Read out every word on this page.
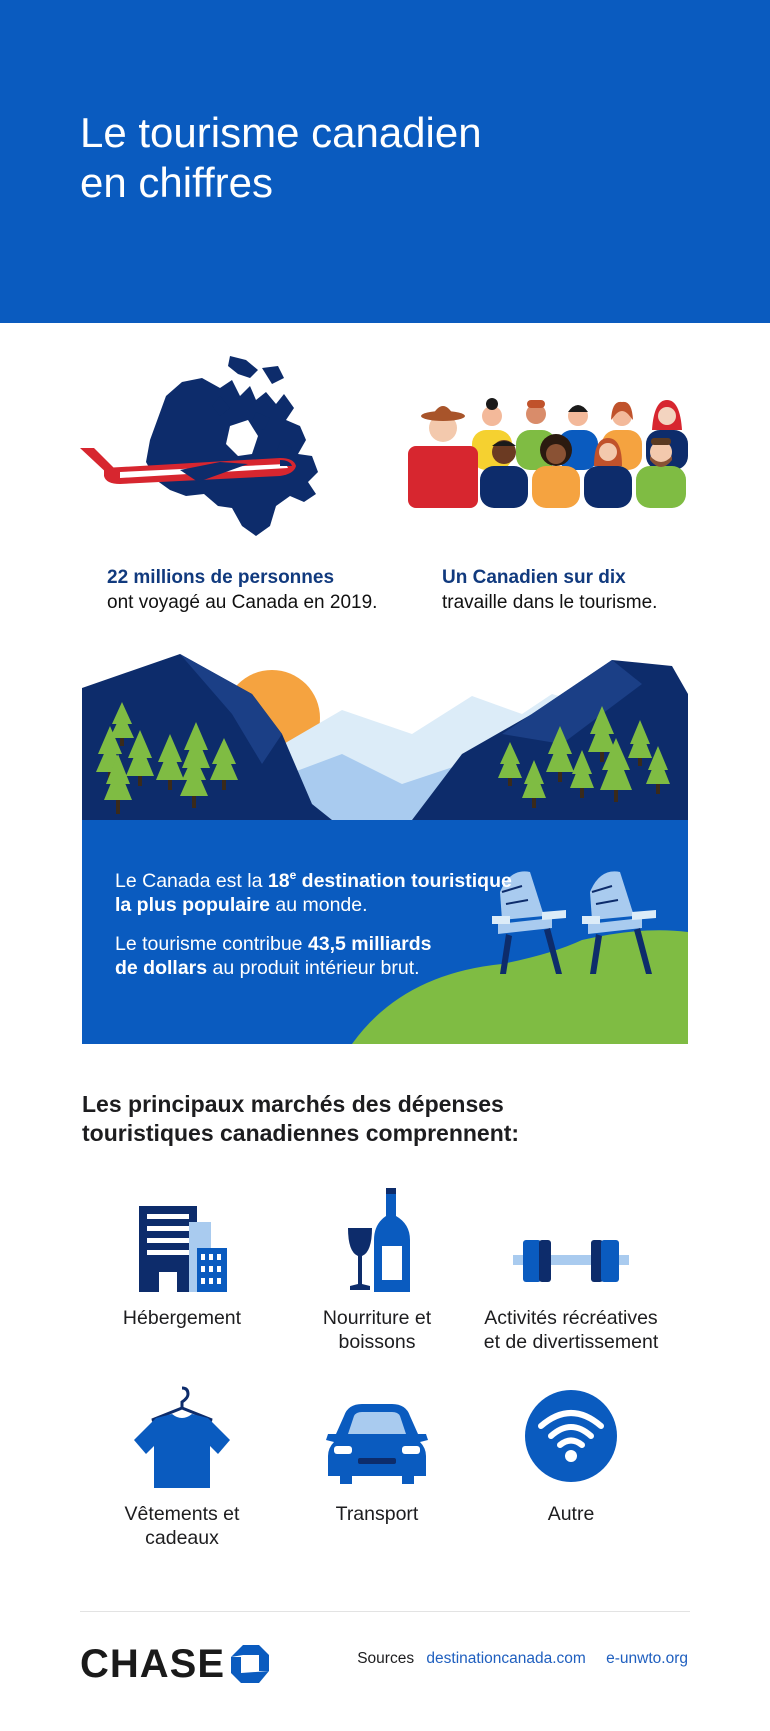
Le tourisme canadien
en chiffres
22 millions de personnes
ont voyagé au Canada en 2019.
Un Canadien sur dix
travaille dans le tourisme.
Le Canada est la 18e destination touristique
la plus populaire au monde.
Le tourisme contribue 43,5 milliards
de dollars au produit intérieur brut.
Les principaux marchés des dépenses
touristiques canadiennes comprennent:
Hébergement	Nourriture et
boissons
Activités récréatives
et de divertissement
Vêtements et
cadeaux
Transport	Autre
CHASE	Sources destinationcanada.com e-unwto.org
